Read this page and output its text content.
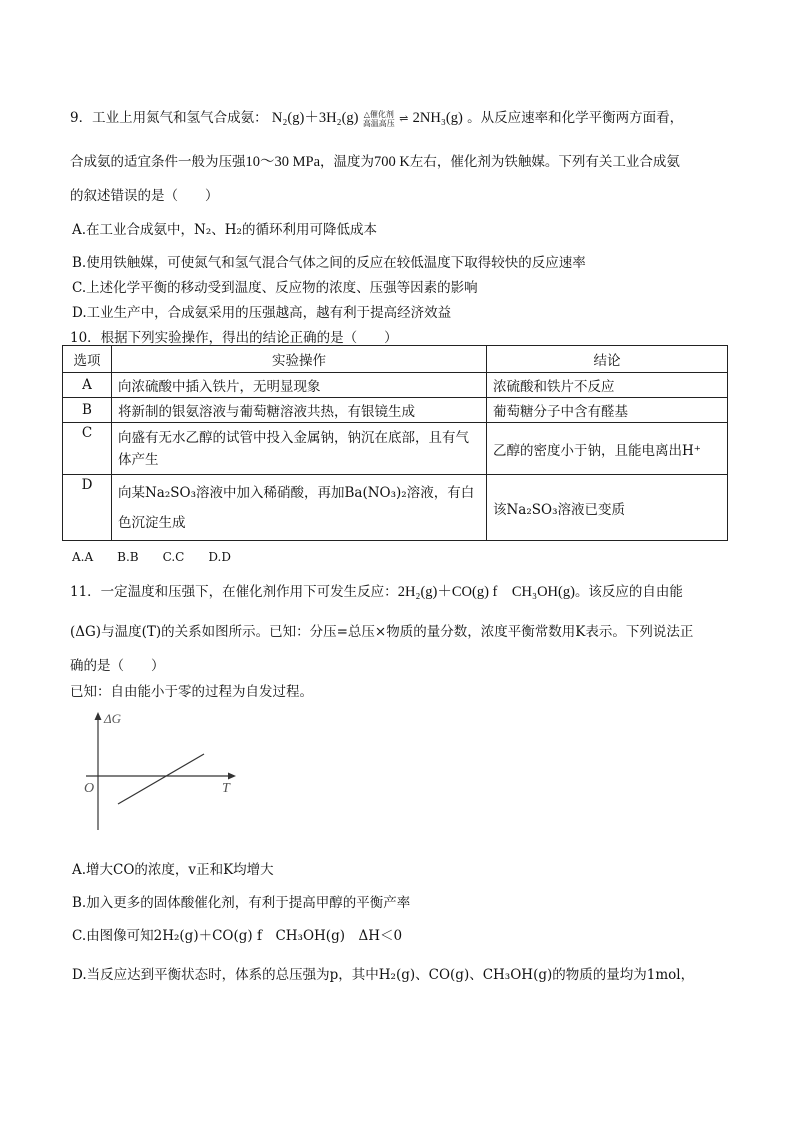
9．工业上用氮气和氢气合成氨： N₂(g)＋3H₂(g) △催化剂
高温高压 ⇌ 2NH₃(g) 。从反应速率和化学平衡两方面看，
合成氨的适宜条件一般为压强10～30 MPa，温度为700 K左右，催化剂为铁触媒。下列有关工业合成氨
的叙述错误的是（　　）
A.在工业合成氨中，N₂、H₂的循环利用可降低成本
B.使用铁触媒，可使氮气和氢气混合气体之间的反应在较低温度下取得较快的反应速率
C.上述化学平衡的移动受到温度、反应物的浓度、压强等因素的影响
D.工业生产中，合成氨采用的压强越高，越有利于提高经济效益
10．根据下列实验操作，得出的结论正确的是（　　）
选项	实验操作	结论
A	向浓硫酸中插入铁片，无明显现象	浓硫酸和铁片不反应
B	将新制的银氨溶液与葡萄糖溶液共热，有银镜生成	葡萄糖分子中含有醛基
C	向盛有无水乙醇的试管中投入金属钠，钠沉在底部，且有气体产生	乙醇的密度小于钠，且能电离出H⁺
D	向某Na₂SO₃溶液中加入稀硝酸，再加Ba(NO₃)₂溶液，有白色沉淀生成	该Na₂SO₃溶液已变质
A.A　　B.B　　C.C　　D.D
11．一定温度和压强下，在催化剂作用下可发生反应：2H₂(g)＋CO(g) f　CH₃OH(g)。该反应的自由能
(ΔG)与温度(T)的关系如图所示。已知：分压=总压×物质的量分数，浓度平衡常数用K表示。下列说法正
确的是（　　）
已知：自由能小于零的过程为自发过程。
ΔG
T
O
A.增大CO的浓度，v正和K均增大
B.加入更多的固体酸催化剂，有利于提高甲醇的平衡产率
C.由图像可知2H₂(g)＋CO(g) f　CH₃OH(g)　ΔH＜0
D.当反应达到平衡状态时，体系的总压强为p，其中H₂(g)、CO(g)、CH₃OH(g)的物质的量均为1mol，
